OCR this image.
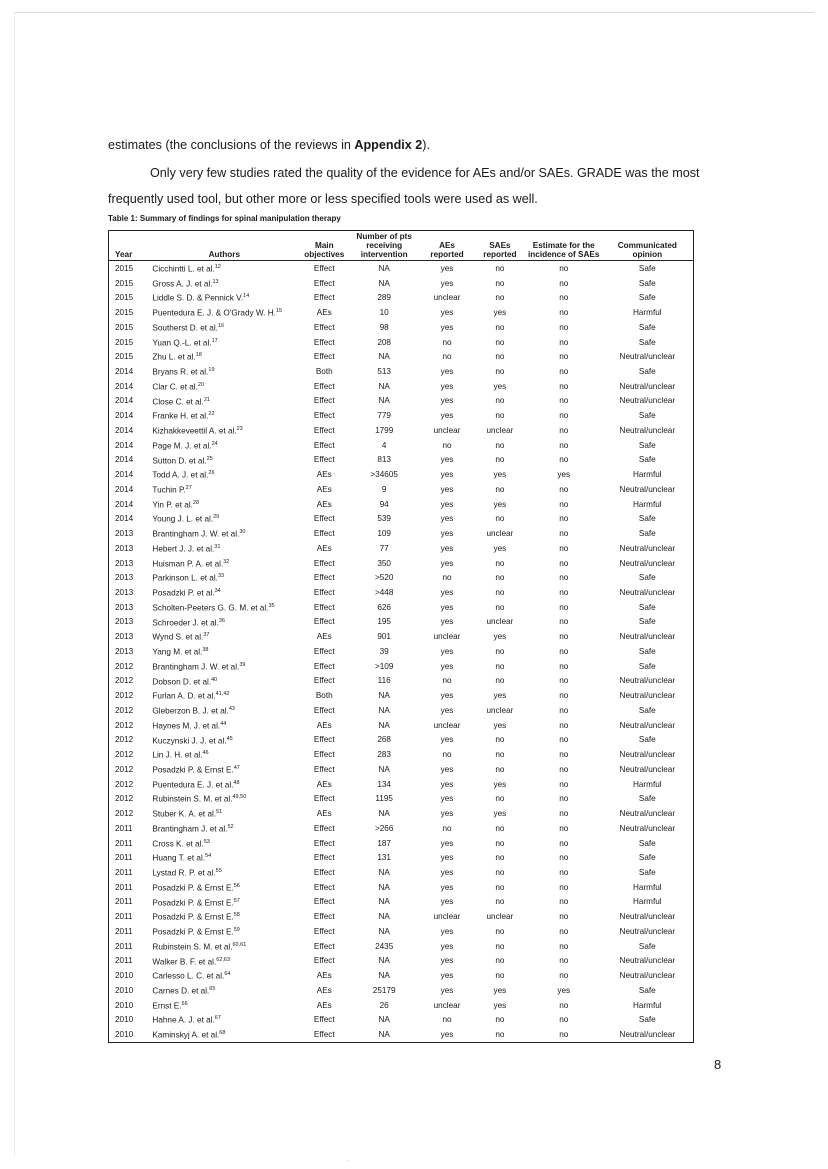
estimates (the conclusions of the reviews in Appendix 2).
Only very few studies rated the quality of the evidence for AEs and/or SAEs. GRADE was the most frequently used tool, but other more or less specified tools were used as well.
Table 1: Summary of findings for spinal manipulation therapy
Year	Authors	Main objectives	Number of pts receiving intervention	AEs reported	SAEs reported	Estimate for the incidence of SAEs	Communicated opinion
2015	Cicchintti L. et al.$^{12}$	Effect	NA	yes	no	no	Safe
2015	Gross A. J. et al.$^{13}$	Effect	NA	yes	no	no	Safe
2015	Liddle S. D. & Pennick V.$^{14}$	Effect	289	unclear	no	no	Safe
2015	Puentedura E. J. & O'Grady W. H.$^{15}$	AEs	10	yes	yes	no	Harmful
2015	Southerst D. et al.$^{16}$	Effect	98	yes	no	no	Safe
2015	Yuan Q.-L. et al.$^{17}$	Effect	208	no	no	no	Safe
2015	Zhu L. et al.$^{18}$	Effect	NA	no	no	no	Neutral/unclear
2014	Bryans R. et al.$^{19}$	Both	513	yes	no	no	Safe
2014	Clar C. et al.$^{20}$	Effect	NA	yes	yes	no	Neutral/unclear
2014	Close C. et al.$^{21}$	Effect	NA	yes	no	no	Neutral/unclear
2014	Franke H. et al.$^{22}$	Effect	779	yes	no	no	Safe
2014	Kizhakkeveettil A. et al.$^{23}$	Effect	1799	unclear	unclear	no	Neutral/unclear
2014	Page M. J. et al.$^{24}$	Effect	4	no	no	no	Safe
2014	Sutton D. et al.$^{25}$	Effect	813	yes	no	no	Safe
2014	Todd A. J. et al.$^{26}$	AEs	>34605	yes	yes	yes	Harmful
2014	Tuchin P.$^{27}$	AEs	9	yes	no	no	Neutral/unclear
2014	Yin P. et al.$^{28}$	AEs	94	yes	yes	no	Harmful
2014	Young J. L. et al.$^{29}$	Effect	539	yes	no	no	Safe
2013	Brantingham J. W. et al.$^{30}$	Effect	109	yes	unclear	no	Safe
2013	Hebert J. J. et al.$^{31}$	AEs	77	yes	yes	no	Neutral/unclear
2013	Huisman P. A. et al.$^{32}$	Effect	350	yes	no	no	Neutral/unclear
2013	Parkinson L. et al.$^{33}$	Effect	>520	no	no	no	Safe
2013	Posadzki P. et al.$^{34}$	Effect	>448	yes	no	no	Neutral/unclear
2013	Scholten-Peeters G. G. M. et al.$^{35}$	Effect	626	yes	no	no	Safe
2013	Schroeder J. et al.$^{36}$	Effect	195	yes	unclear	no	Safe
2013	Wynd S. et al.$^{37}$	AEs	901	unclear	yes	no	Neutral/unclear
2013	Yang M. et al.$^{38}$	Effect	39	yes	no	no	Safe
2012	Brantingham J. W. et al.$^{39}$	Effect	>109	yes	no	no	Safe
2012	Dobson D. et al.$^{40}$	Effect	116	no	no	no	Neutral/unclear
2012	Furlan A. D. et al.$^{41,42}$	Both	NA	yes	yes	no	Neutral/unclear
2012	Gleberzon B. J. et al.$^{43}$	Effect	NA	yes	unclear	no	Safe
2012	Haynes M. J. et al.$^{44}$	AEs	NA	unclear	yes	no	Neutral/unclear
2012	Kuczynski J. J. et al.$^{45}$	Effect	268	yes	no	no	Safe
2012	Lin J. H. et al.$^{46}$	Effect	283	no	no	no	Neutral/unclear
2012	Posadzki P. & Ernst E.$^{47}$	Effect	NA	yes	no	no	Neutral/unclear
2012	Puentedura E. J. et al.$^{48}$	AEs	134	yes	yes	no	Harmful
2012	Rubinstein S. M. et al.$^{49,50}$	Effect	1195	yes	no	no	Safe
2012	Stuber K. A. et al.$^{51}$	AEs	NA	yes	yes	no	Neutral/unclear
2011	Brantingham J. et al.$^{52}$	Effect	>266	no	no	no	Neutral/unclear
2011	Cross K. et al.$^{53}$	Effect	187	yes	no	no	Safe
2011	Huang T. et al.$^{54}$	Effect	131	yes	no	no	Safe
2011	Lystad R. P. et al.$^{55}$	Effect	NA	yes	no	no	Safe
2011	Posadzki P. & Ernst E.$^{56}$	Effect	NA	yes	no	no	Harmful
2011	Posadzki P. & Ernst E.$^{57}$	Effect	NA	yes	no	no	Harmful
2011	Posadzki P. & Ernst E.$^{58}$	Effect	NA	unclear	unclear	no	Neutral/unclear
2011	Posadzki P. & Ernst E.$^{59}$	Effect	NA	yes	no	no	Neutral/unclear
2011	Rubinstein S. M. et al.$^{60,61}$	Effect	2435	yes	no	no	Safe
2011	Walker B. F. et al.$^{62,63}$	Effect	NA	yes	no	no	Neutral/unclear
2010	Carlesso L. C. et al.$^{64}$	AEs	NA	yes	no	no	Neutral/unclear
2010	Carnes D. et al.$^{65}$	AEs	25179	yes	yes	yes	Safe
2010	Ernst E.$^{66}$	AEs	26	unclear	yes	no	Harmful
2010	Hahne A. J. et al.$^{67}$	Effect	NA	no	no	no	Safe
2010	Kaminskyj A. et al.$^{68}$	Effect	NA	yes	no	no	Neutral/unclear
8
·
